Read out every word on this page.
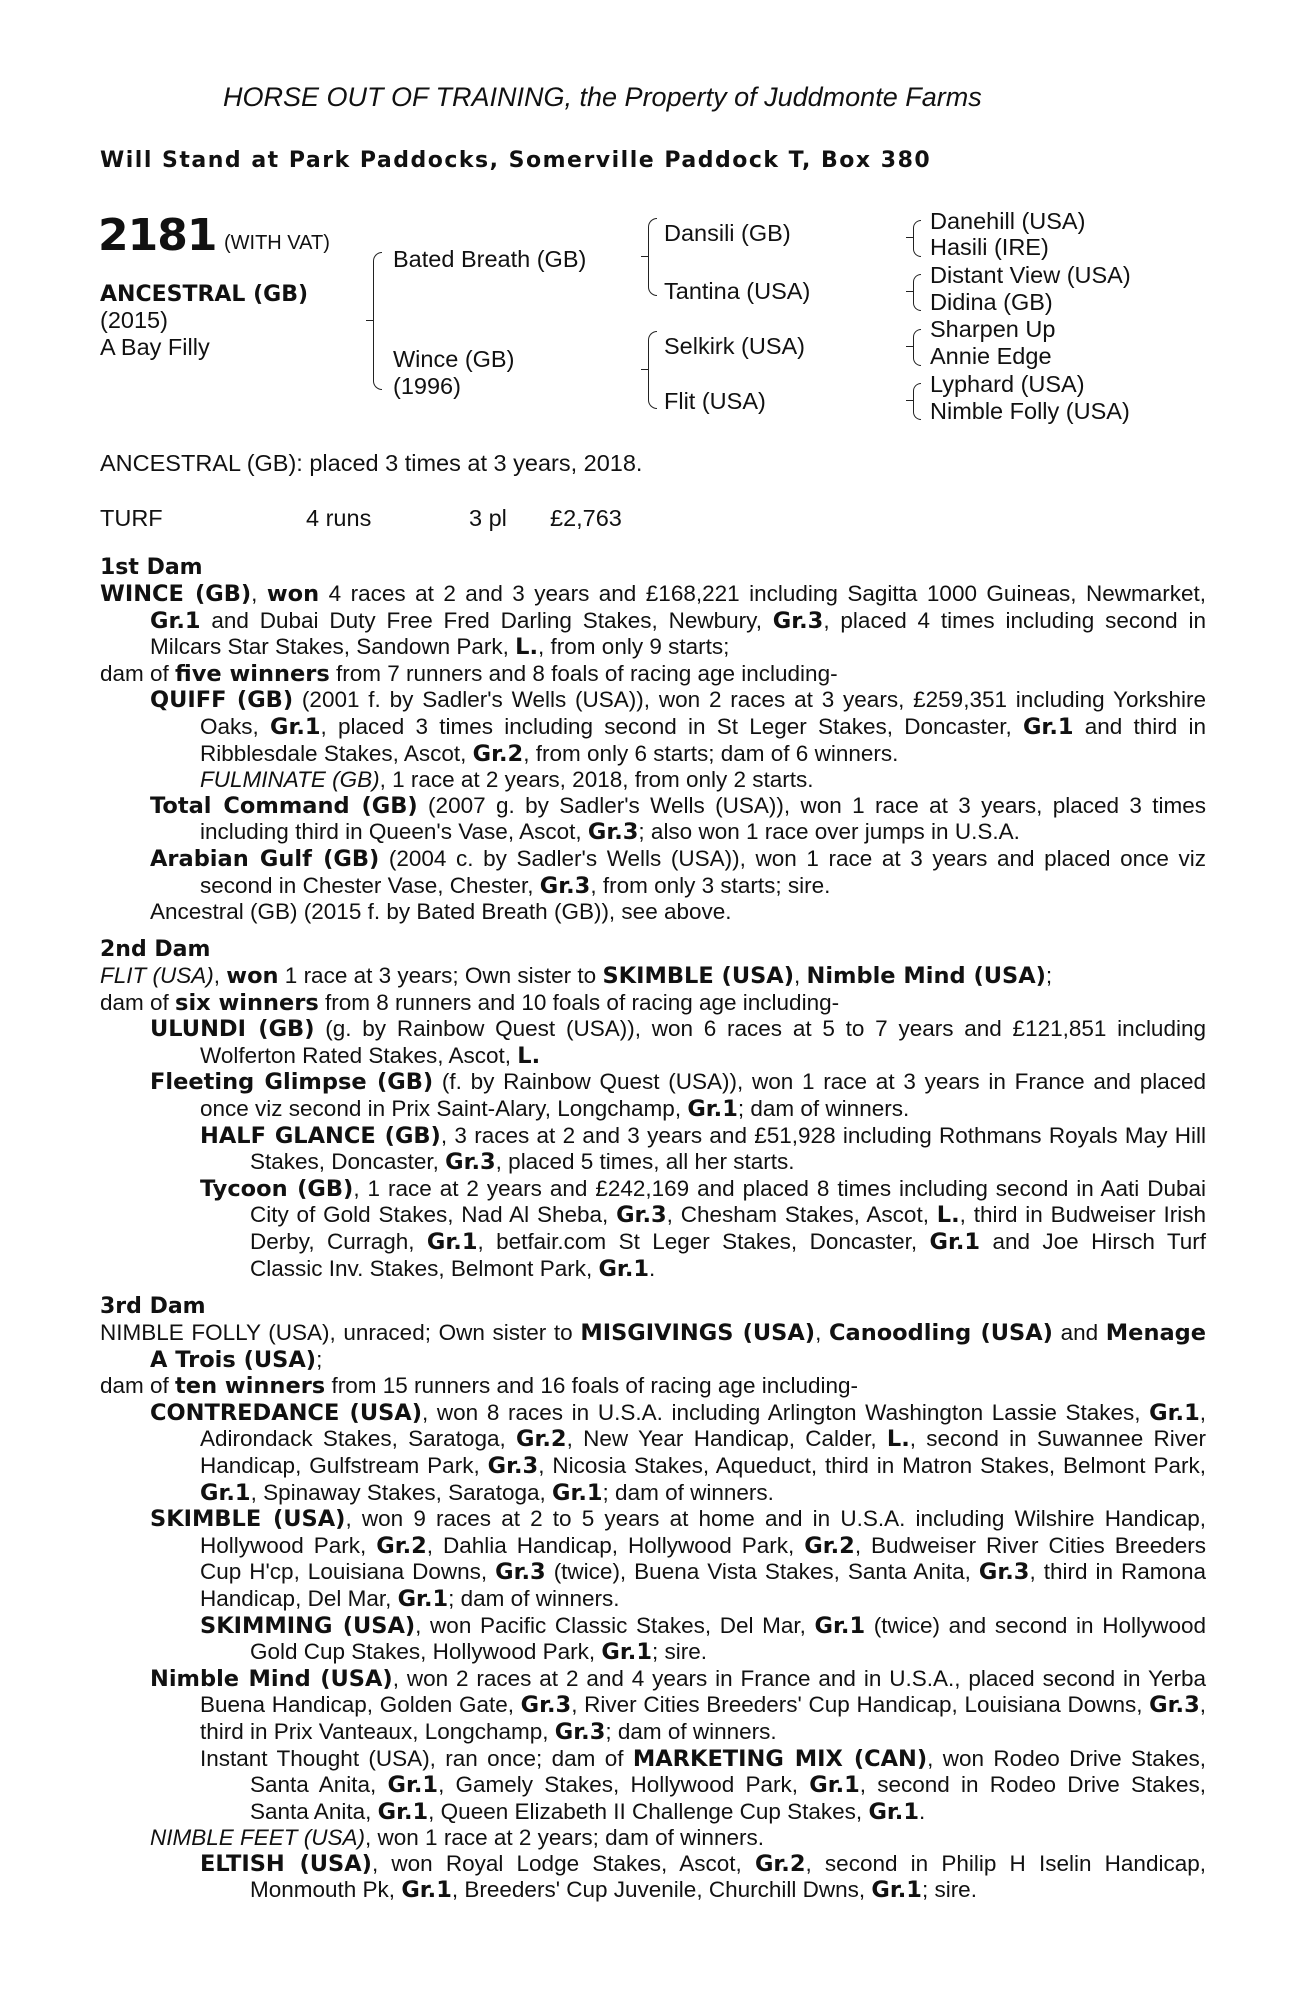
HORSE OUT OF TRAINING, the Property of Juddmonte Farms
Will Stand at Park Paddocks, Somerville Paddock T, Box 380
2181 (WITH VAT)
ANCESTRAL (GB)
(2015)
A Bay Filly
Bated Breath (GB)
Wince (GB)
(1996)
Dansili (GB)
Tantina (USA)
Selkirk (USA)
Flit (USA)
Danehill (USA)
Hasili (IRE)
Distant View (USA)
Didina (GB)
Sharpen Up
Annie Edge
Lyphard (USA)
Nimble Folly (USA)
ANCESTRAL (GB): placed 3 times at 3 years, 2018.
TURF	4 runs	3 pl £2,763
1st Dam

WINCE (GB), won 4 races at 2 and 3 years and £168,221 including Sagitta 1000 Guineas, Newmarket, Gr.1 and Dubai Duty Free Fred Darling Stakes, Newbury, Gr.3, placed 4 times including second in Milcars Star Stakes, Sandown Park, L., from only 9 starts;

dam of five winners from 7 runners and 8 foals of racing age including-

QUIFF (GB) (2001 f. by Sadler's Wells (USA)), won 2 races at 3 years, £259,351 including Yorkshire Oaks, Gr.1, placed 3 times including second in St Leger Stakes, Doncaster, Gr.1 and third in Ribblesdale Stakes, Ascot, Gr.2, from only 6 starts; dam of 6 winners.

FULMINATE (GB), 1 race at 2 years, 2018, from only 2 starts.

Total Command (GB) (2007 g. by Sadler's Wells (USA)), won 1 race at 3 years, placed 3 times including third in Queen's Vase, Ascot, Gr.3; also won 1 race over jumps in U.S.A.

Arabian Gulf (GB) (2004 c. by Sadler's Wells (USA)), won 1 race at 3 years and placed once viz second in Chester Vase, Chester, Gr.3, from only 3 starts; sire.

Ancestral (GB) (2015 f. by Bated Breath (GB)), see above.

2nd Dam

FLIT (USA), won 1 race at 3 years; Own sister to SKIMBLE (USA), Nimble Mind (USA);

dam of six winners from 8 runners and 10 foals of racing age including-

ULUNDI (GB) (g. by Rainbow Quest (USA)), won 6 races at 5 to 7 years and £121,851 including Wolferton Rated Stakes, Ascot, L.

Fleeting Glimpse (GB) (f. by Rainbow Quest (USA)), won 1 race at 3 years in France and placed once viz second in Prix Saint-Alary, Longchamp, Gr.1; dam of winners.

HALF GLANCE (GB), 3 races at 2 and 3 years and £51,928 including Rothmans Royals May Hill Stakes, Doncaster, Gr.3, placed 5 times, all her starts.

Tycoon (GB), 1 race at 2 years and £242,169 and placed 8 times including second in Aati Dubai City of Gold Stakes, Nad Al Sheba, Gr.3, Chesham Stakes, Ascot, L., third in Budweiser Irish Derby, Curragh, Gr.1, betfair.com St Leger Stakes, Doncaster, Gr.1 and Joe Hirsch Turf Classic Inv. Stakes, Belmont Park, Gr.1.

3rd Dam

NIMBLE FOLLY (USA), unraced; Own sister to MISGIVINGS (USA), Canoodling (USA) and Menage A Trois (USA);

dam of ten winners from 15 runners and 16 foals of racing age including-

CONTREDANCE (USA), won 8 races in U.S.A. including Arlington Washington Lassie Stakes, Gr.1, Adirondack Stakes, Saratoga, Gr.2, New Year Handicap, Calder, L., second in Suwannee River Handicap, Gulfstream Park, Gr.3, Nicosia Stakes, Aqueduct, third in Matron Stakes, Belmont Park, Gr.1, Spinaway Stakes, Saratoga, Gr.1; dam of winners.

SKIMBLE (USA), won 9 races at 2 to 5 years at home and in U.S.A. including Wilshire Handicap, Hollywood Park, Gr.2, Dahlia Handicap, Hollywood Park, Gr.2, Budweiser River Cities Breeders Cup H'cp, Louisiana Downs, Gr.3 (twice), Buena Vista Stakes, Santa Anita, Gr.3, third in Ramona Handicap, Del Mar, Gr.1; dam of winners.

SKIMMING (USA), won Pacific Classic Stakes, Del Mar, Gr.1 (twice) and second in Hollywood Gold Cup Stakes, Hollywood Park, Gr.1; sire.

Nimble Mind (USA), won 2 races at 2 and 4 years in France and in U.S.A., placed second in Yerba Buena Handicap, Golden Gate, Gr.3, River Cities Breeders' Cup Handicap, Louisiana Downs, Gr.3, third in Prix Vanteaux, Longchamp, Gr.3; dam of winners.

Instant Thought (USA), ran once; dam of MARKETING MIX (CAN), won Rodeo Drive Stakes, Santa Anita, Gr.1, Gamely Stakes, Hollywood Park, Gr.1, second in Rodeo Drive Stakes, Santa Anita, Gr.1, Queen Elizabeth II Challenge Cup Stakes, Gr.1.

NIMBLE FEET (USA), won 1 race at 2 years; dam of winners.

ELTISH (USA), won Royal Lodge Stakes, Ascot, Gr.2, second in Philip H Iselin Handicap, Monmouth Pk, Gr.1, Breeders' Cup Juvenile, Churchill Dwns, Gr.1; sire.
